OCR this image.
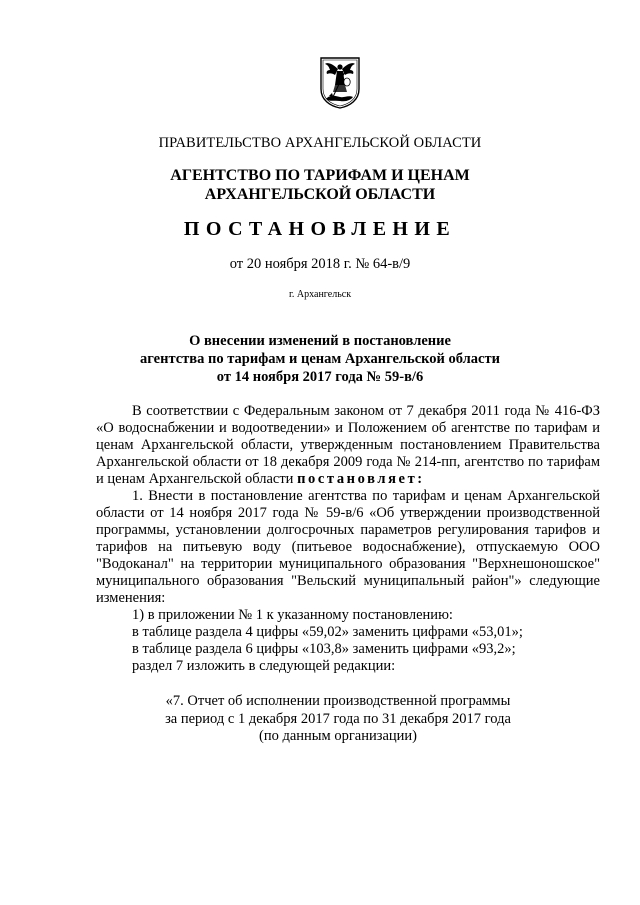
ПРАВИТЕЛЬСТВО АРХАНГЕЛЬСКОЙ ОБЛАСТИ
АГЕНТСТВО ПО ТАРИФАМ И ЦЕНАМ
АРХАНГЕЛЬСКОЙ ОБЛАСТИ
ПОСТАНОВЛЕНИЕ
от 20 ноября 2018 г. № 64-в/9
г. Архангельск
О внесении изменений в постановление
агентства по тарифам и ценам Архангельской области
от 14 ноября 2017 года № 59-в/6

В соответствии с Федеральным законом от 7 декабря 2011 года № 416-ФЗ «О водоснабжении и водоотведении» и Положением об агентстве по тарифам и ценам Архангельской области, утвержденным постановлением Правительства Архангельской области от 18 декабря 2009 года № 214-пп, агентство по тарифам и ценам Архангельской области постановляет:

1. Внести в постановление агентства по тарифам и ценам Архангельской области от 14 ноября 2017 года № 59-в/6 «Об утверждении производственной программы, установлении долгосрочных параметров регулирования тарифов и тарифов на питьевую воду (питьевое водоснабжение), отпускаемую ООО "Водоканал" на территории муниципального образования "Верхнешоношское" муниципального образования "Вельский муниципальный район"» следующие изменения:

1) в приложении № 1 к указанному постановлению:

в таблице раздела 4 цифры «59,02» заменить цифрами «53,01»;

в таблице раздела 6 цифры «103,8» заменить цифрами «93,2»;

раздел 7 изложить в следующей редакции:

«7. Отчет об исполнении производственной программы
за период с 1 декабря 2017 года по 31 декабря 2017 года
(по данным организации)
